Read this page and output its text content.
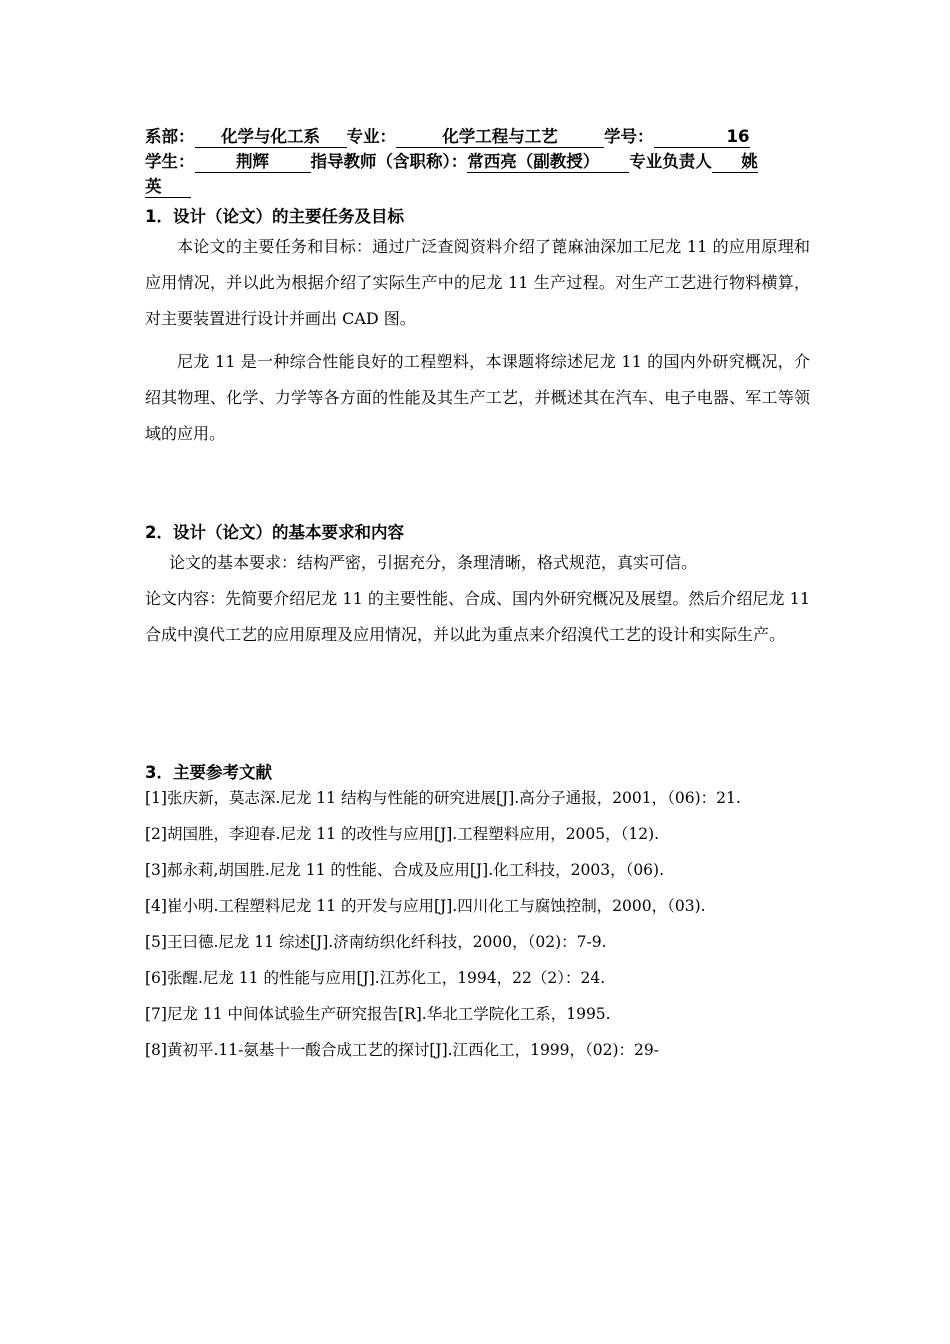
系部： 化学与化工系 专业：	化学工程与工艺	学号：	16
学生：	荆辉	指导教师（含职称）：常西亮（副教授） 专业负责人 姚
英
1．设计（论文）的主要任务及目标

本论文的主要任务和目标：通过广泛查阅资料介绍了蓖麻油深加工尼龙 11 的应用原理和应用情况，并以此为根据介绍了实际生产中的尼龙 11 生产过程。对生产工艺进行物料横算，对主要装置进行设计并画出 CAD 图。

尼龙 11 是一种综合性能良好的工程塑料，本课题将综述尼龙 11 的国内外研究概况，介绍其物理、化学、力学等各方面的性能及其生产工艺，并概述其在汽车、电子电器、军工等领域的应用。

2．设计（论文）的基本要求和内容

论文的基本要求：结构严密，引据充分，条理清晰，格式规范，真实可信。

论文内容：先简要介绍尼龙 11 的主要性能、合成、国内外研究概况及展望。然后介绍尼龙 11 合成中溴代工艺的应用原理及应用情况，并以此为重点来介绍溴代工艺的设计和实际生产。

3．主要参考文献
[1]张庆新，莫志深.尼龙 11 结构与性能的研究进展[J].高分子通报，2001，（06)：21.
[2]胡国胜，李迎春.尼龙 11 的改性与应用[J].工程塑料应用，2005，（12).
[3]郝永莉,胡国胜.尼龙 11 的性能、合成及应用[J].化工科技，2003，（06).
[4]崔小明.工程塑料尼龙 11 的开发与应用[J].四川化工与腐蚀控制，2000，（03).
[5]王曰德.尼龙 11 综述[J].济南纺织化纤科技，2000，（02)：7-9.
[6]张醒.尼龙 11 的性能与应用[J].江苏化工，1994，22（2）：24.
[7]尼龙 11 中间体试验生产研究报告[R].华北工学院化工系，1995.
[8]黄初平.11-氨基十一酸合成工艺的探讨[J].江西化工，1999，（02)：29-
